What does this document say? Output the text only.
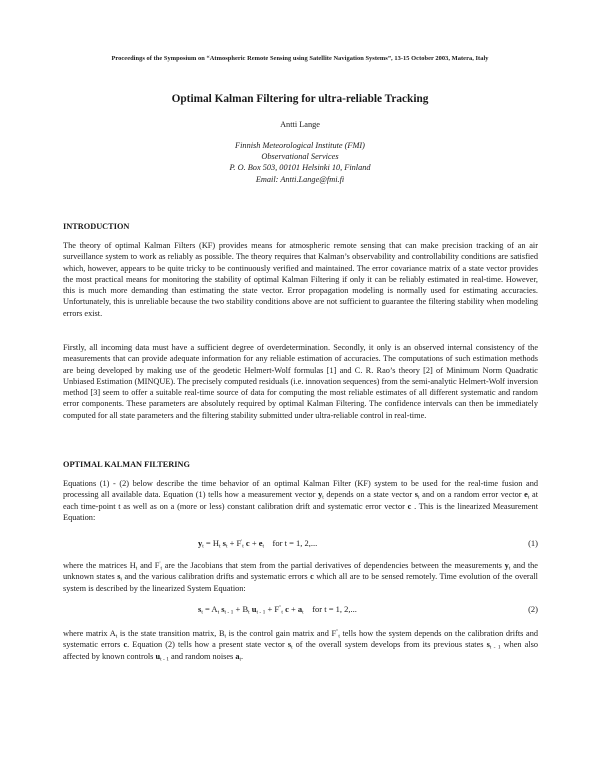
Proceedings of the Symposium on “Atmospheric Remote Sensing using Satellite Navigation Systems”, 13-15 October 2003, Matera, Italy
Optimal Kalman Filtering for ultra-reliable Tracking
Antti Lange
Finnish Meteorological Institute (FMI)
Observational Services
P. O. Box 503, 00101 Helsinki 10, Finland
Email: Antti.Lange@fmi.fi
INTRODUCTION
The theory of optimal Kalman Filters (KF) provides means for atmospheric remote sensing that can make precision tracking of an air surveillance system to work as reliably as possible. The theory requires that Kalman’s observability and controllability conditions are satisfied which, however, appears to be quite tricky to be continuously verified and maintained. The error covariance matrix of a state vector provides the most practical means for monitoring the stability of optimal Kalman Filtering if only it can be reliably estimated in real-time. However, this is much more demanding than estimating the state vector. Error propagation modeling is normally used for estimating accuracies. Unfortunately, this is unreliable because the two stability conditions above are not sufficient to guarantee the filtering stability when modeling errors exist.
Firstly, all incoming data must have a sufficient degree of overdetermination. Secondly, it only is an observed internal consistency of the measurements that can provide adequate information for any reliable estimation of accuracies. The computations of such estimation methods are being developed by making use of the geodetic Helmert-Wolf formulas [1] and C. R. Rao’s theory [2] of Minimum Norm Quadratic Unbiased Estimation (MINQUE). The precisely computed residuals (i.e. innovation sequences) from the semi-analytic Helmert-Wolf inversion method [3] seem to offer a suitable real-time source of data for computing the most reliable estimates of all different systematic and random error components. These parameters are absolutely required by optimal Kalman Filtering. The confidence intervals can then be immediately computed for all state parameters and the filtering stability submitted under ultra-reliable control in real-time.
OPTIMAL KALMAN FILTERING
Equations (1) - (2) below describe the time behavior of an optimal Kalman Filter (KF) system to be used for the real-time fusion and processing all available data. Equation (1) tells how a measurement vector $y_t$ depends on a state vector $s_t$ and on a random error vector $e_t$ at each time-point t as well as on a (more or less) constant calibration drift and systematic error vector c . This is the linearized Measurement Equation:
$y_t = H_t$ $s_t + F'_t$ $c + e_t$ for t = 1, 2,...	(1)
where the matrices $H_t$ and $F'_t$ are the Jacobians that stem from the partial derivatives of dependencies between the measurements $y_t$ and the unknown states $s_t$ and the various calibration drifts and systematic errors c which all are to be sensed remotely. Time evolution of the overall system is described by the linearized System Equation:
$s_t = A_t$ $s_{t - 1} + B_t$ $u_{t - 1} + F^"_t$ $c + a_t$ for t = 1, 2,...	(2)
where matrix $A_t$ is the state transition matrix, $B_t$ is the control gain matrix and $F^"_t$ tells how the system depends on the calibration drifts and systematic errors c. Equation (2) tells how a present state vector $s_t$ of the overall system develops from its previous states $s_{t - 1}$ when also affected by known controls $u_{t - 1}$ and random noises $a_t$.
